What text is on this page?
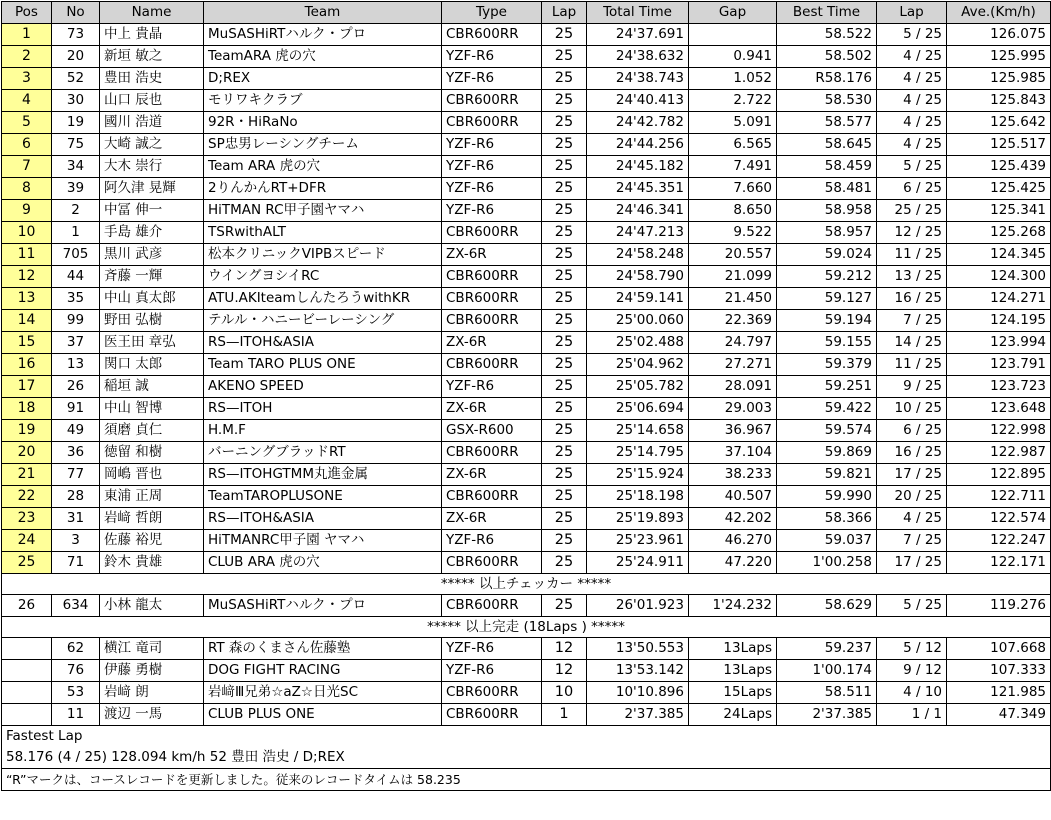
Pos	No	Name	Team	Type	Lap	Total Time	Gap	Best Time	Lap	Ave.(Km/h)
1	73	中上 貴晶	MuSASHiRTハルク・プロ	CBR600RR	25	24'37.691		58.522	5 / 25	126.075
2	20	新垣 敏之	TeamARA 虎の穴	YZF-R6	25	24'38.632	0.941	58.502	4 / 25	125.995
3	52	豊田 浩史	D;REX	YZF-R6	25	24'38.743	1.052	R58.176	4 / 25	125.985
4	30	山口 辰也	モリワキクラブ	CBR600RR	25	24'40.413	2.722	58.530	4 / 25	125.843
5	19	國川 浩道	92R・HiRaNo	CBR600RR	25	24'42.782	5.091	58.577	4 / 25	125.642
6	75	大崎 誠之	SP忠男レーシングチーム	YZF-R6	25	24'44.256	6.565	58.645	4 / 25	125.517
7	34	大木 崇行	Team ARA 虎の穴	YZF-R6	25	24'45.182	7.491	58.459	5 / 25	125.439
8	39	阿久津 晃輝	2りんかんRT+DFR	YZF-R6	25	24'45.351	7.660	58.481	6 / 25	125.425
9	2	中冨 伸一	HiTMAN RC甲子園ヤマハ	YZF-R6	25	24'46.341	8.650	58.958	25 / 25	125.341
10	1	手島 雄介	TSRwithALT	CBR600RR	25	24'47.213	9.522	58.957	12 / 25	125.268
11	705	黒川 武彦	松本クリニックVIPBスピード	ZX-6R	25	24'58.248	20.557	59.024	11 / 25	124.345
12	44	斉藤 一輝	ウイングヨシイRC	CBR600RR	25	24'58.790	21.099	59.212	13 / 25	124.300
13	35	中山 真太郎	ATU.AKIteamしんたろうwithKR	CBR600RR	25	24'59.141	21.450	59.127	16 / 25	124.271
14	99	野田 弘樹	テルル・ハニービーレーシング	CBR600RR	25	25'00.060	22.369	59.194	7 / 25	124.195
15	37	医王田 章弘	RS—ITOH&ASIA	ZX-6R	25	25'02.488	24.797	59.155	14 / 25	123.994
16	13	関口 太郎	Team TARO PLUS ONE	CBR600RR	25	25'04.962	27.271	59.379	11 / 25	123.791
17	26	稲垣 誠	AKENO SPEED	YZF-R6	25	25'05.782	28.091	59.251	9 / 25	123.723
18	91	中山 智博	RS—ITOH	ZX-6R	25	25'06.694	29.003	59.422	10 / 25	123.648
19	49	須磨 貞仁	H.M.F	GSX-R600	25	25'14.658	36.967	59.574	6 / 25	122.998
20	36	徳留 和樹	バーニングブラッドRT	CBR600RR	25	25'14.795	37.104	59.869	16 / 25	122.987
21	77	岡嶋 晋也	RS—ITOHGTMM丸進金属	ZX-6R	25	25'15.924	38.233	59.821	17 / 25	122.895
22	28	東浦 正周	TeamTAROPLUSONE	CBR600RR	25	25'18.198	40.507	59.990	20 / 25	122.711
23	31	岩﨑 哲朗	RS—ITOH&ASIA	ZX-6R	25	25'19.893	42.202	58.366	4 / 25	122.574
24	3	佐藤 裕児	HiTMANRC甲子園 ヤマハ	YZF-R6	25	25'23.961	46.270	59.037	7 / 25	122.247
25	71	鈴木 貴雄	CLUB ARA 虎の穴	CBR600RR	25	25'24.911	47.220	1'00.258	17 / 25	122.171
***** 以上チェッカー *****										
26	634	小林 龍太	MuSASHiRTハルク・プロ	CBR600RR	25	26'01.923	1'24.232	58.629	5 / 25	119.276
***** 以上完走 (18Laps ) *****										
	62	横江 竜司	RT 森のくまさん佐藤塾	YZF-R6	12	13'50.553	13Laps	59.237	5 / 12	107.668
	76	伊藤 勇樹	DOG FIGHT RACING	YZF-R6	12	13'53.142	13Laps	1'00.174	9 / 12	107.333
	53	岩﨑 朗	岩﨑Ⅲ兄弟☆aZ☆日光SC	CBR600RR	10	10'10.896	15Laps	58.511	4 / 10	121.985
	11	渡辺 一馬	CLUB PLUS ONE	CBR600RR	1	2'37.385	24Laps	2'37.385	1 / 1	47.349
Fastest Lap										
58.176 (4 / 25) 128.094 km/h 52 豊田 浩史 / D;REX										
“R”マークは、コースレコードを更新しました。従来のレコードタイムは 58.235										
